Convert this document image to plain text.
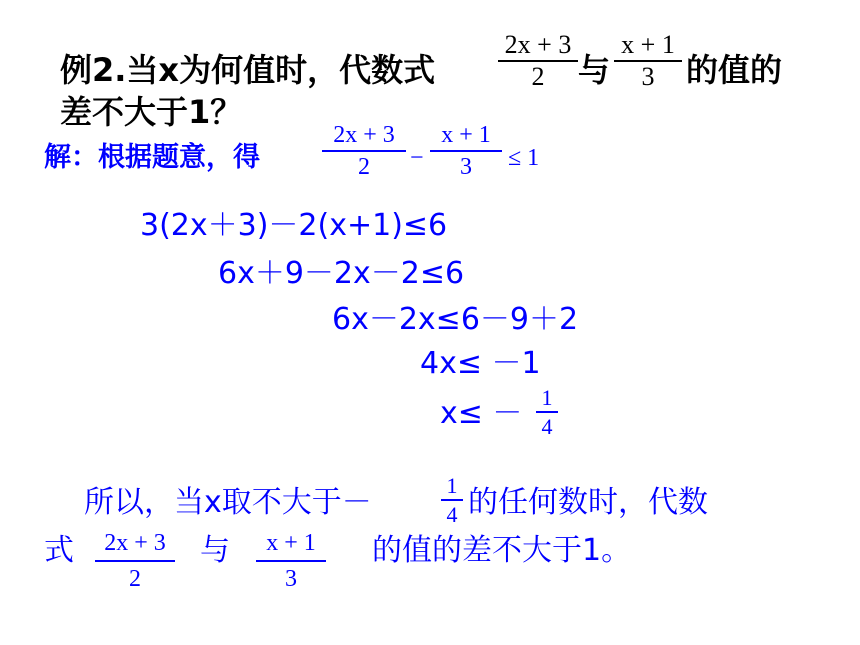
例2.当x为何值时，代数式
2x + 3
2	与
x + 1
3 的值的
差不大于1？
解：根据题意，得
2x + 3
2	−
x + 1
3	≤ 1
3(2x＋3)－2(x+1)≤6
6x＋9－2x－2≤6
6x－2x≤6－9＋2
4x≤ －1
x≤ － 1
4
所以，当x取不大于－	1
4 的任何数时，代数
式	2x + 3
2
与	x + 1
3
的值的差不大于1。
